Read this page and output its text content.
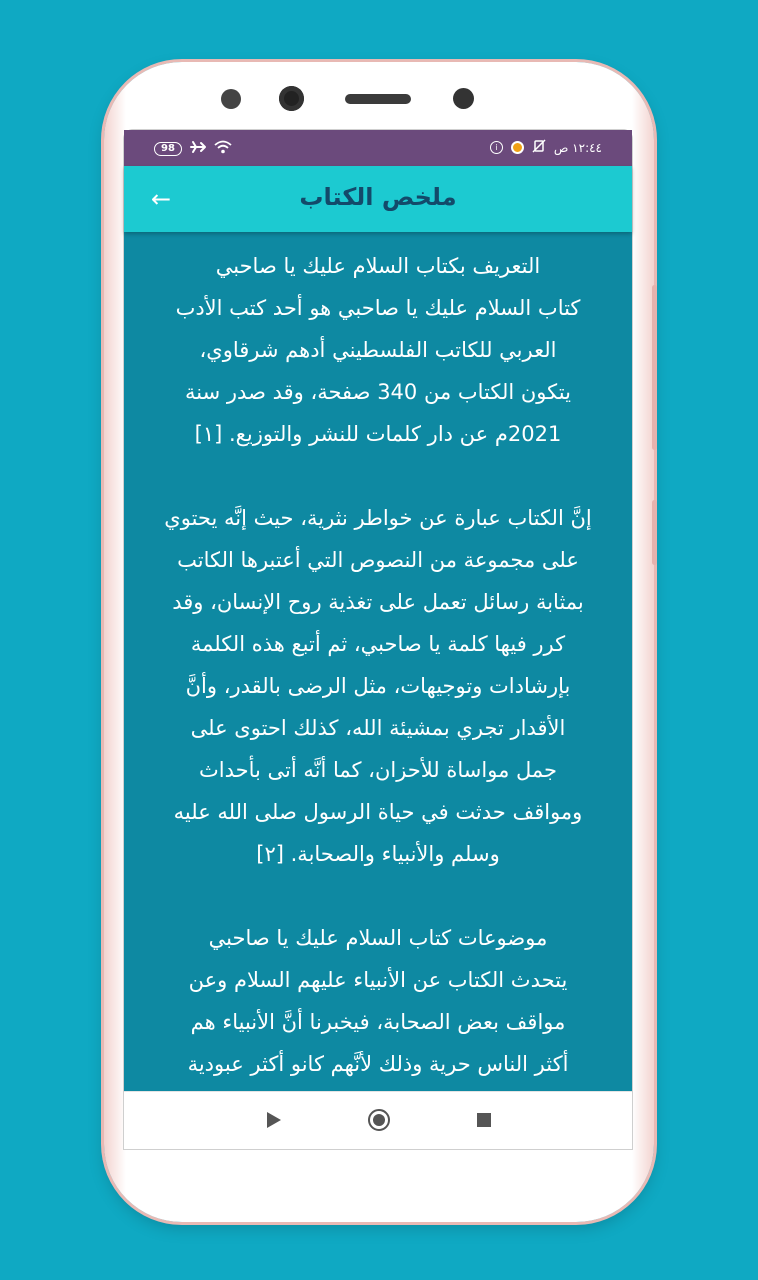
98	i	١٢:٤٤ ص
←	ملخص الكتاب

التعريف بكتاب السلام عليك يا صاحبي

كتاب السلام عليك يا صاحبي هو أحد كتب الأدب

العربي للكاتب الفلسطيني أدهم شرقاوي،

يتكون الكتاب من 340 صفحة، وقد صدر سنة

2021م عن دار كلمات للنشر والتوزيع. [١]

إنَّ الكتاب عبارة عن خواطر نثرية، حيث إنَّه يحتوي

على مجموعة من النصوص التي أعتبرها الكاتب

بمثابة رسائل تعمل على تغذية روح الإنسان، وقد

كرر فيها كلمة يا صاحبي، ثم أتبع هذه الكلمة

بإرشادات وتوجيهات، مثل الرضى بالقدر، وأنَّ

الأقدار تجري بمشيئة الله، كذلك احتوى على

جمل مواساة للأحزان، كما أنَّه أتى بأحداث

ومواقف حدثت في حياة الرسول صلى الله عليه

وسلم والأنبياء والصحابة. [٢]

موضوعات كتاب السلام عليك يا صاحبي

يتحدث الكتاب عن الأنبياء عليهم السلام وعن

مواقف بعض الصحابة، فيخبرنا أنَّ الأنبياء هم

أكثر الناس حرية وذلك لأنَّهم كانو أكثر عبودية
